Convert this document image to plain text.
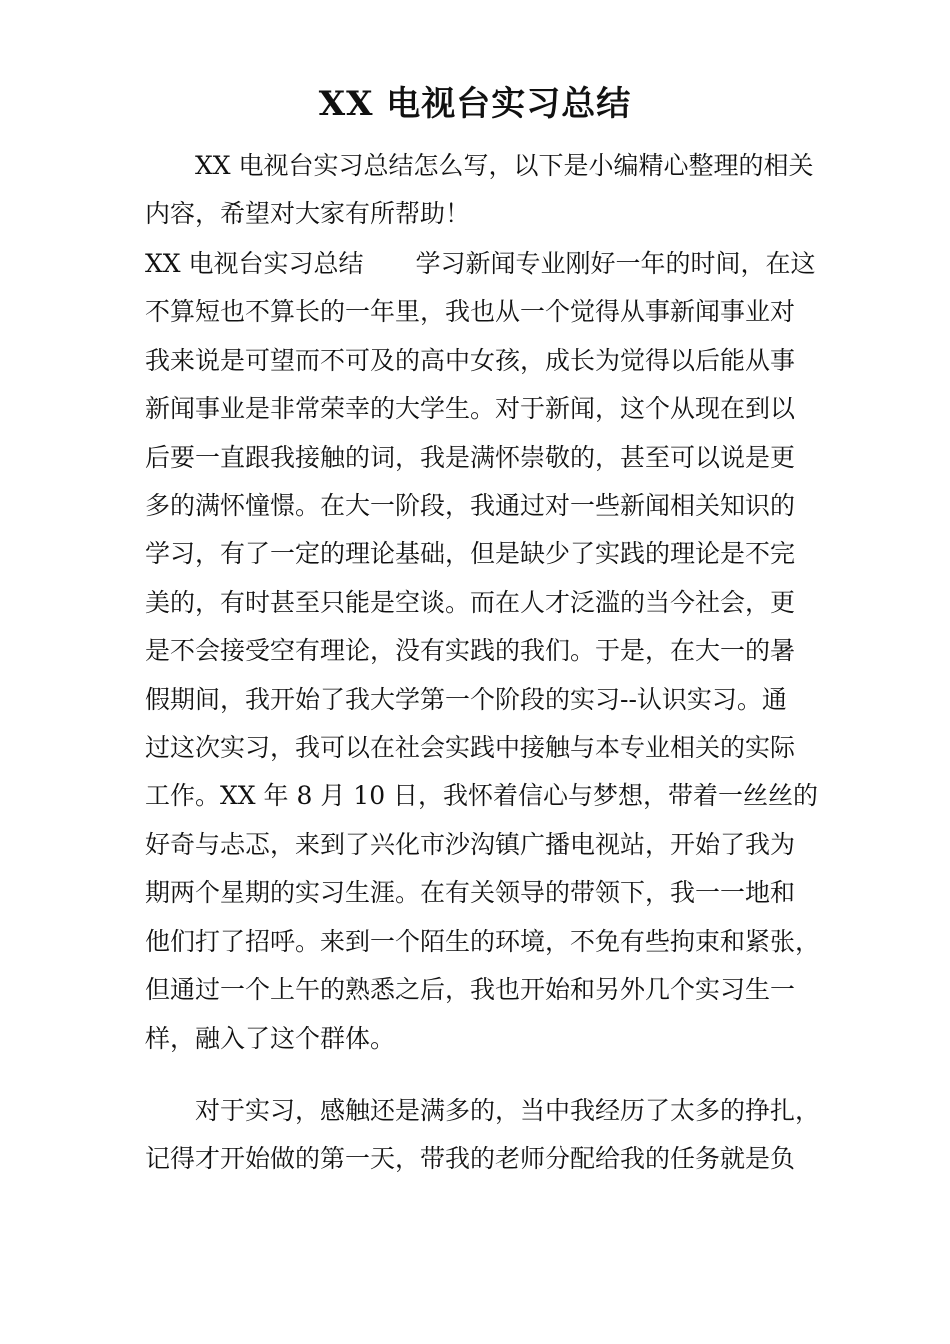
XX 电视台实习总结
XX 电视台实习总结怎么写，以下是小编精心整理的相关
内容，希望对大家有所帮助！
XX 电视台实习总结 学习新闻专业刚好一年的时间，在这
不算短也不算长的一年里，我也从一个觉得从事新闻事业对
我来说是可望而不可及的高中女孩，成长为觉得以后能从事
新闻事业是非常荣幸的大学生。对于新闻，这个从现在到以
后要一直跟我接触的词，我是满怀崇敬的，甚至可以说是更
多的满怀憧憬。在大一阶段，我通过对一些新闻相关知识的
学习，有了一定的理论基础，但是缺少了实践的理论是不完
美的，有时甚至只能是空谈。而在人才泛滥的当今社会，更
是不会接受空有理论，没有实践的我们。于是，在大一的暑
假期间，我开始了我大学第一个阶段的实习--认识实习。通
过这次实习，我可以在社会实践中接触与本专业相关的实际
工作。XX 年 8 月 10 日，我怀着信心与梦想，带着一丝丝的
好奇与忐忑，来到了兴化市沙沟镇广播电视站，开始了我为
期两个星期的实习生涯。在有关领导的带领下，我一一地和
他们打了招呼。来到一个陌生的环境，不免有些拘束和紧张，
但通过一个上午的熟悉之后，我也开始和另外几个实习生一
样，融入了这个群体。
对于实习，感触还是满多的，当中我经历了太多的挣扎，
记得才开始做的第一天，带我的老师分配给我的任务就是负
